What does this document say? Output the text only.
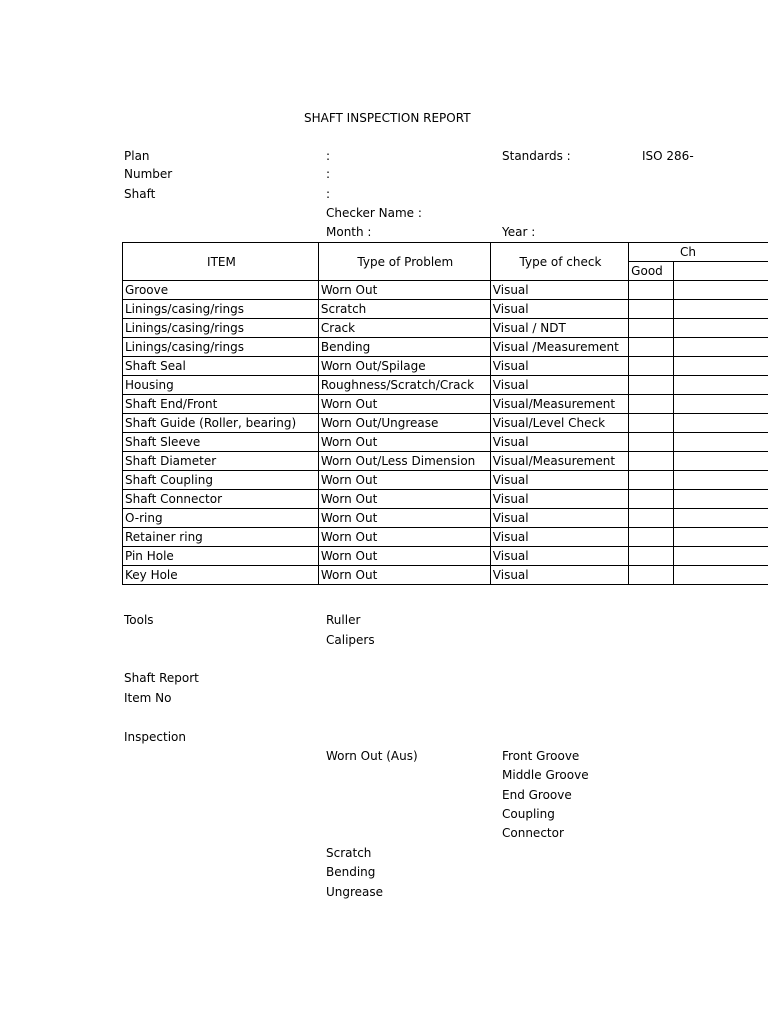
SHAFT INSPECTION REPORT
Plan	:	Standards :	ISO 286-
Number	:
Shaft	:
Checker Name :
Month :	Year :
ITEM	Type of Problem	Type of check	Ch	
			Good	
Groove	Worn Out	Visual		
Linings/casing/rings	Scratch	Visual		
Linings/casing/rings	Crack	Visual / NDT		
Linings/casing/rings	Bending	Visual /Measurement		
Shaft Seal	Worn Out/Spilage	Visual		
Housing	Roughness/Scratch/Crack	Visual		
Shaft End/Front	Worn Out	Visual/Measurement		
Shaft Guide (Roller, bearing)	Worn Out/Ungrease	Visual/Level Check		
Shaft Sleeve	Worn Out	Visual		
Shaft Diameter	Worn Out/Less Dimension	Visual/Measurement		
Shaft Coupling	Worn Out	Visual		
Shaft Connector	Worn Out	Visual		
O-ring	Worn Out	Visual		
Retainer ring	Worn Out	Visual		
Pin Hole	Worn Out	Visual		
Key Hole	Worn Out	Visual		
Tools	Ruller
Calipers
Shaft Report
Item No
Inspection
Worn Out (Aus)	Front Groove
Middle Groove
End Groove
Coupling
Connector
Scratch
Bending
Ungrease
